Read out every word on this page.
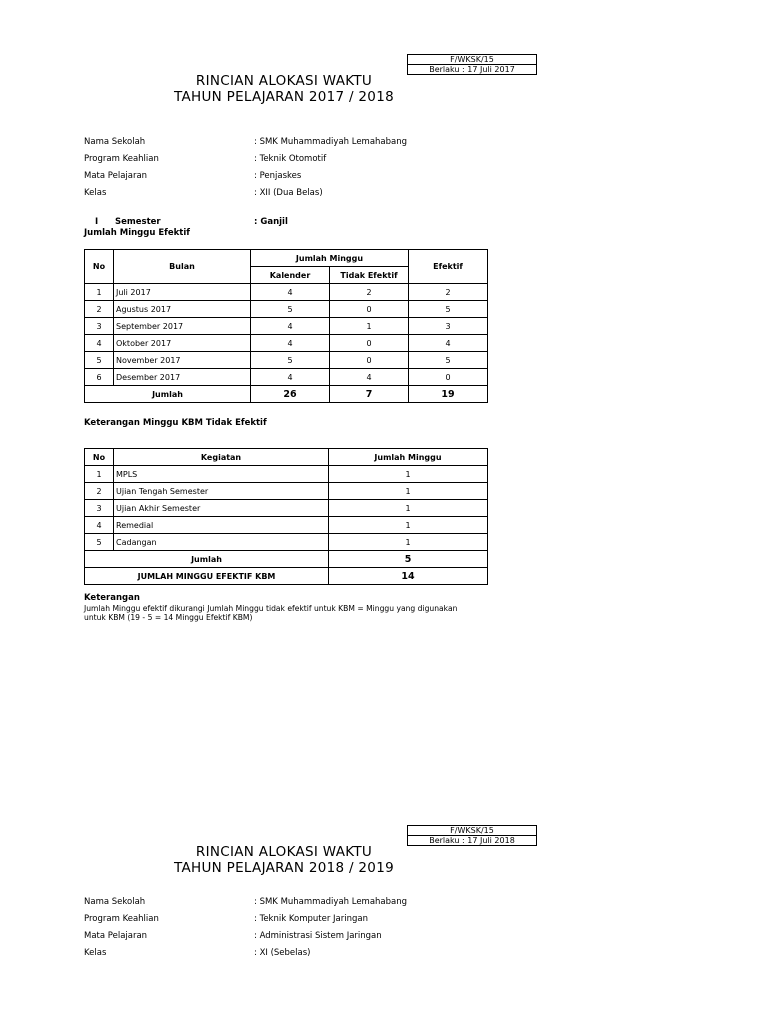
F/WKSK/15
Berlaku : 17 Juli 2017
RINCIAN ALOKASI WAKTU
TAHUN PELAJARAN 2017 / 2018
Nama Sekolah	: SMK Muhammadiyah Lemahabang
Program Keahlian	: Teknik Otomotif
Mata Pelajaran	: Penjaskes
Kelas	: XII (Dua Belas)
I Semester	: Ganjil
Jumlah Minggu Efektif
No	Bulan	Jumlah Minggu		Efektif
		Kalender	Tidak Efektif	
1	Juli 2017	4	2	2
2	Agustus 2017	5	0	5
3	September 2017	4	1	3
4	Oktober 2017	4	0	4
5	November 2017	5	0	5
6	Desember 2017	4	4	0
Jumlah		26	7	19
Keterangan Minggu KBM Tidak Efektif
No	Kegiatan	Jumlah Minggu
1	MPLS	1
2	Ujian Tengah Semester	1
3	Ujian Akhir Semester	1
4	Remedial	1
5	Cadangan	1
Jumlah		5
JUMLAH MINGGU EFEKTIF KBM		14
Keterangan
Jumlah Minggu efektif dikurangi Jumlah Minggu tidak efektif untuk KBM = Minggu yang digunakan
untuk KBM (19 - 5 = 14 Minggu Efektif KBM)
F/WKSK/15
Berlaku : 17 Juli 2018
RINCIAN ALOKASI WAKTU
TAHUN PELAJARAN 2018 / 2019
Nama Sekolah	: SMK Muhammadiyah Lemahabang
Program Keahlian	: Teknik Komputer Jaringan
Mata Pelajaran	: Administrasi Sistem Jaringan
Kelas	: XI (Sebelas)
